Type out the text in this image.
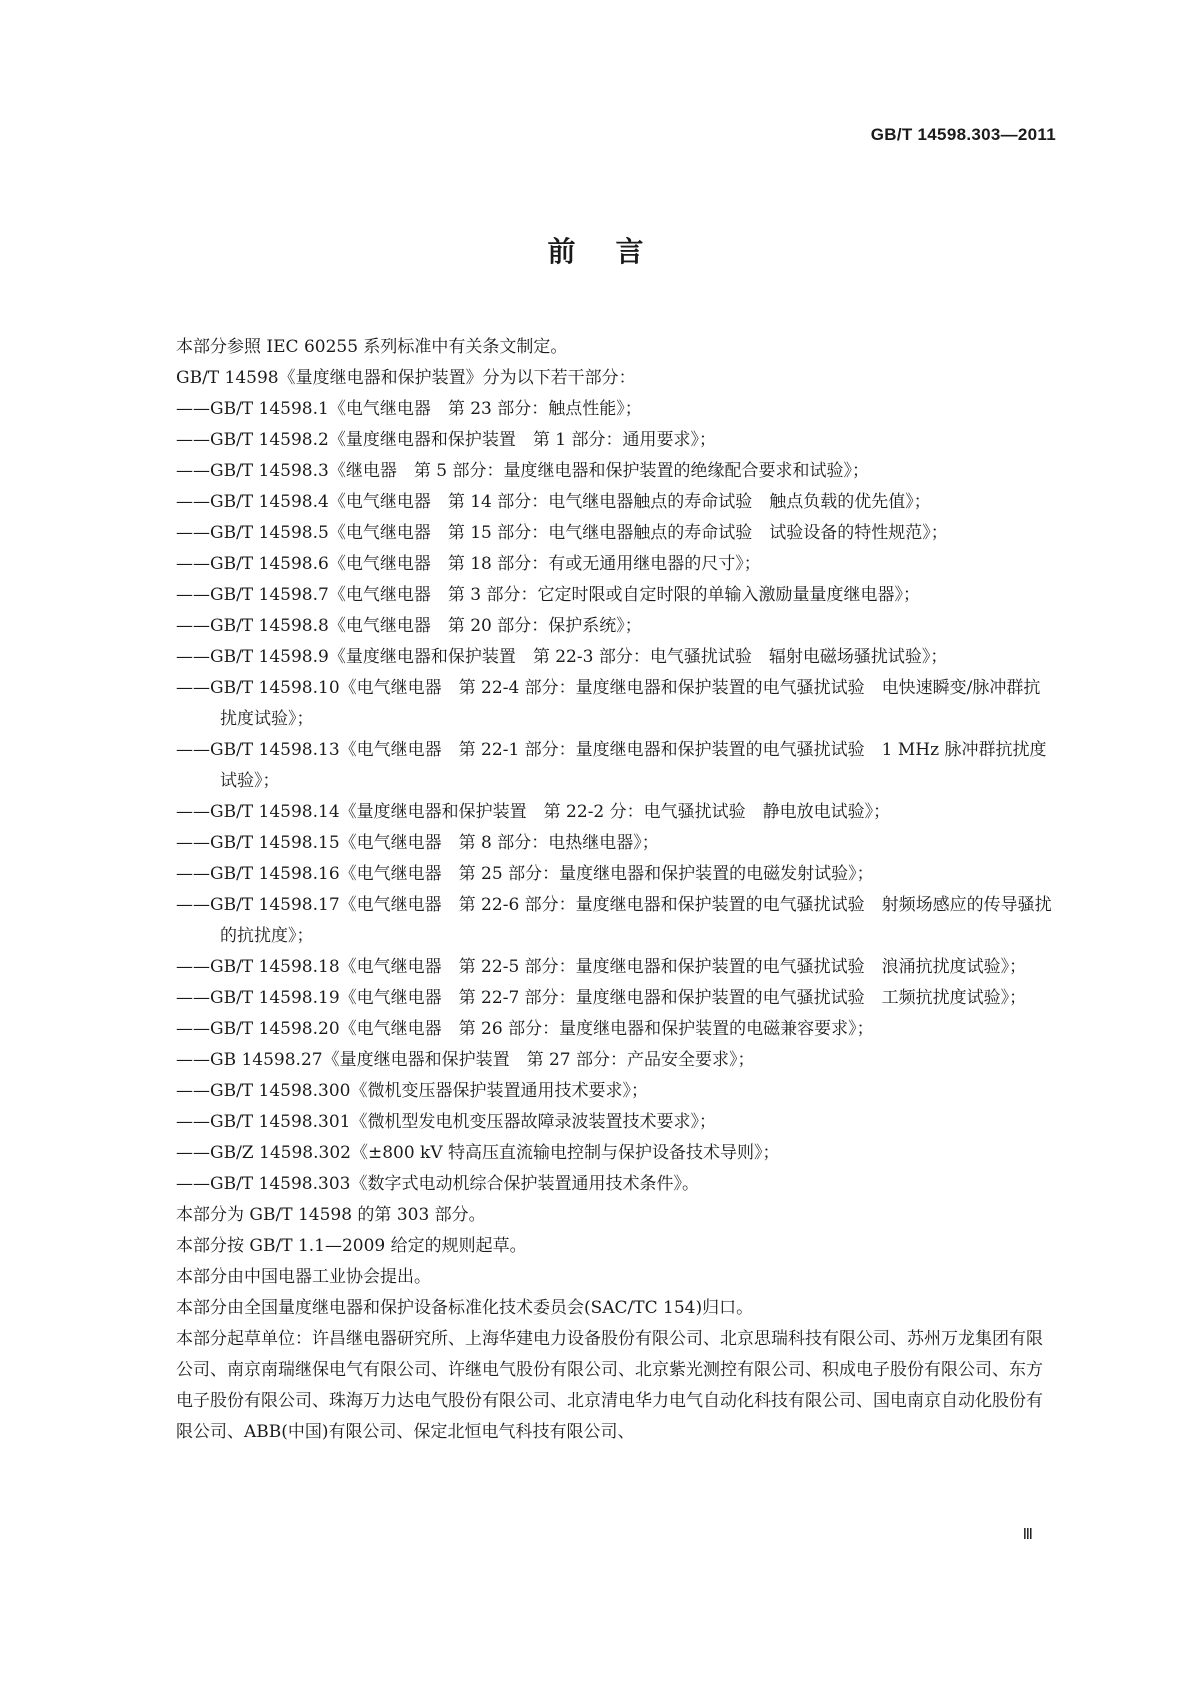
GB/T 14598.303—2011
前言
本部分参照 IEC 60255 系列标准中有关条文制定。
GB/T 14598《量度继电器和保护装置》分为以下若干部分：
——GB/T 14598.1《电气继电器　第 23 部分：触点性能》；
——GB/T 14598.2《量度继电器和保护装置　第 1 部分：通用要求》；
——GB/T 14598.3《继电器　第 5 部分：量度继电器和保护装置的绝缘配合要求和试验》；
——GB/T 14598.4《电气继电器　第 14 部分：电气继电器触点的寿命试验　触点负载的优先值》；
——GB/T 14598.5《电气继电器　第 15 部分：电气继电器触点的寿命试验　试验设备的特性规范》；
——GB/T 14598.6《电气继电器　第 18 部分：有或无通用继电器的尺寸》；
——GB/T 14598.7《电气继电器　第 3 部分：它定时限或自定时限的单输入激励量量度继电器》；
——GB/T 14598.8《电气继电器　第 20 部分：保护系统》；
——GB/T 14598.9《量度继电器和保护装置　第 22-3 部分：电气骚扰试验　辐射电磁场骚扰试验》；
——GB/T 14598.10《电气继电器　第 22-4 部分：量度继电器和保护装置的电气骚扰试验　电快速瞬变/脉冲群抗扰度试验》；
——GB/T 14598.13《电气继电器　第 22-1 部分：量度继电器和保护装置的电气骚扰试验　1 MHz 脉冲群抗扰度试验》；
——GB/T 14598.14《量度继电器和保护装置　第 22-2 分：电气骚扰试验　静电放电试验》；
——GB/T 14598.15《电气继电器　第 8 部分：电热继电器》；
——GB/T 14598.16《电气继电器　第 25 部分：量度继电器和保护装置的电磁发射试验》；
——GB/T 14598.17《电气继电器　第 22-6 部分：量度继电器和保护装置的电气骚扰试验　射频场感应的传导骚扰的抗扰度》；
——GB/T 14598.18《电气继电器　第 22-5 部分：量度继电器和保护装置的电气骚扰试验　浪涌抗扰度试验》；
——GB/T 14598.19《电气继电器　第 22-7 部分：量度继电器和保护装置的电气骚扰试验　工频抗扰度试验》；
——GB/T 14598.20《电气继电器　第 26 部分：量度继电器和保护装置的电磁兼容要求》；
——GB 14598.27《量度继电器和保护装置　第 27 部分：产品安全要求》；
——GB/T 14598.300《微机变压器保护装置通用技术要求》；
——GB/T 14598.301《微机型发电机变压器故障录波装置技术要求》；
——GB/Z 14598.302《±800 kV 特高压直流输电控制与保护设备技术导则》；
——GB/T 14598.303《数字式电动机综合保护装置通用技术条件》。
本部分为 GB/T 14598 的第 303 部分。
本部分按 GB/T 1.1—2009 给定的规则起草。
本部分由中国电器工业协会提出。
本部分由全国量度继电器和保护设备标准化技术委员会(SAC/TC 154)归口。
本部分起草单位：许昌继电器研究所、上海华建电力设备股份有限公司、北京思瑞科技有限公司、苏州万龙集团有限公司、南京南瑞继保电气有限公司、许继电气股份有限公司、北京紫光测控有限公司、积成电子股份有限公司、东方电子股份有限公司、珠海万力达电气股份有限公司、北京清电华力电气自动化科技有限公司、国电南京自动化股份有限公司、ABB(中国)有限公司、保定北恒电气科技有限公司、
Ⅲ
